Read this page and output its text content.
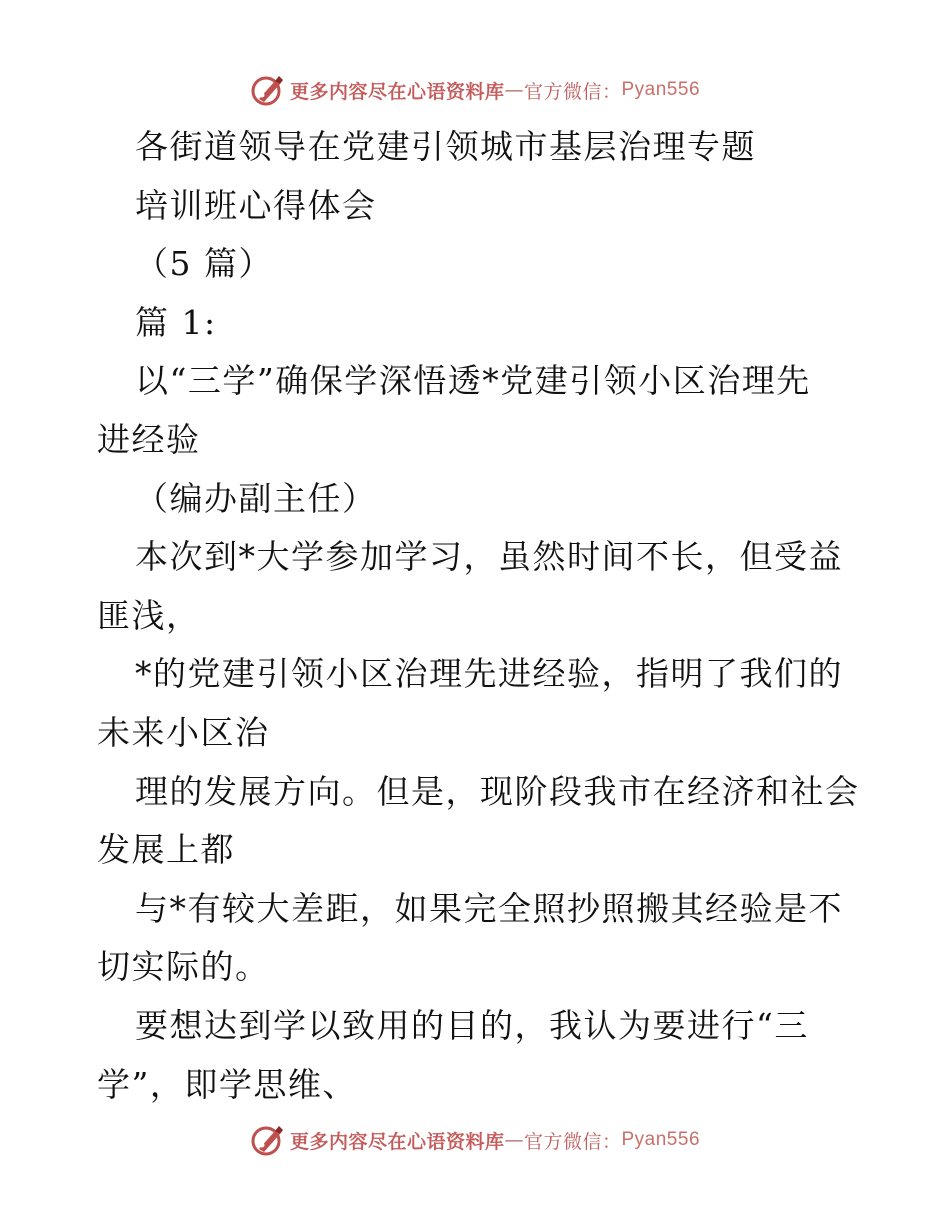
更多内容尽在心语资料库 — 官方微信： Pyan556
各街道领导在党建引领城市基层治理专题
培训班心得体会
（5 篇）
篇 1:
以“三学”确保学深悟透*党建引领小区治理先
进经验
（编办副主任）
本次到*大学参加学习，虽然时间不长，但受益
匪浅，
*的党建引领小区治理先进经验，指明了我们的
未来小区治
理的发展方向。但是，现阶段我市在经济和社会
发展上都
与*有较大差距，如果完全照抄照搬其经验是不
切实际的。
要想达到学以致用的目的，我认为要进行“三
学”，即学思维、
更多内容尽在心语资料库 — 官方微信： Pyan556
